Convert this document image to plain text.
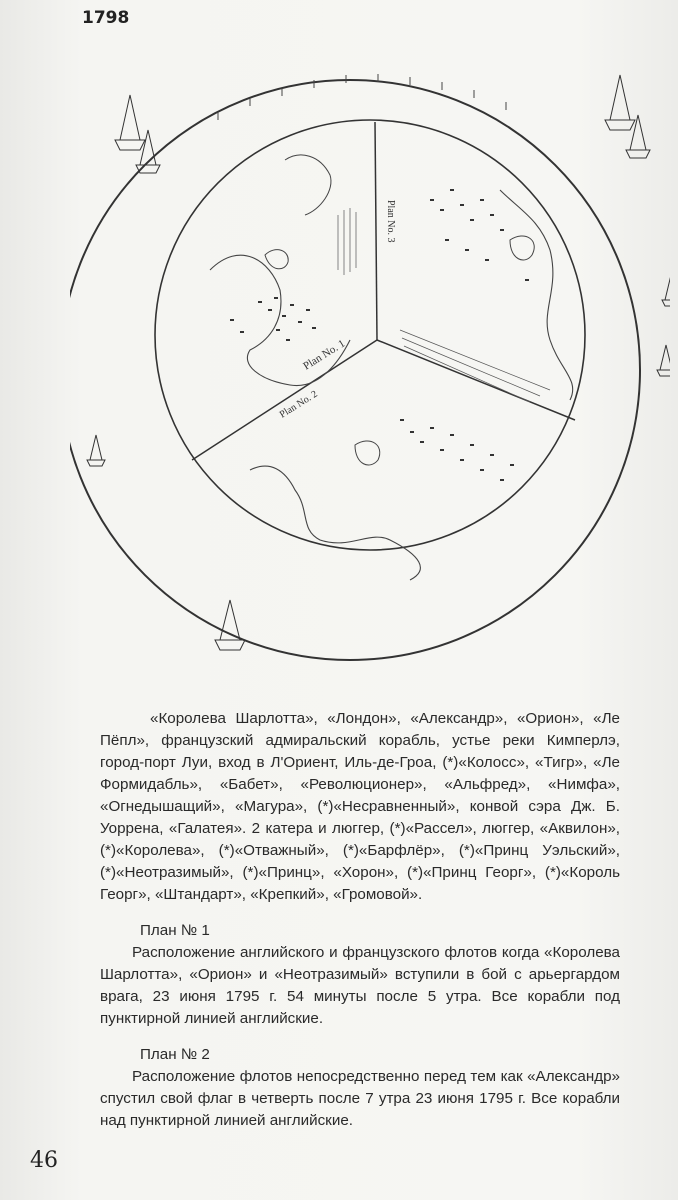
1798
Plan No. 1
Plan No. 2
Plan No. 3

«Королева Шарлотта», «Лондон», «Александр», «Орион», «Ле Пёпл», французский адмиральский корабль, устье реки Кимперлэ, город-порт Луи, вход в Л'Ориент, Иль-де-Гроа, (*)«Колосс», «Тигр», «Ле Формидабль», «Бабет», «Революционер», «Альфред», «Нимфа», «Огнедышащий», «Магура», (*)«Несравненный», конвой сэра Дж. Б. Уоррена, «Галатея». 2 катера и люггер, (*)«Рассел», люггер, «Аквилон», (*)«Королева», (*)«Отважный», (*)«Барфлёр», (*)«Принц Уэльский», (*)«Неотразимый», (*)«Принц», «Хорон», (*)«Принц Георг», (*)«Король Георг», «Штандарт», «Крепкий», «Громовой».

План № 1

Расположение английского и французского флотов когда «Королева Шарлотта», «Орион» и «Неотразимый» вступили в бой с арьергардом врага, 23 июня 1795 г. 54 минуты после 5 утра. Все корабли под пунктирной линией английские.

План № 2

Расположение флотов непосредственно перед тем как «Александр» спустил свой флаг в четверть после 7 утра 23 июня 1795 г. Все корабли над пунктирной линией английские.

46
